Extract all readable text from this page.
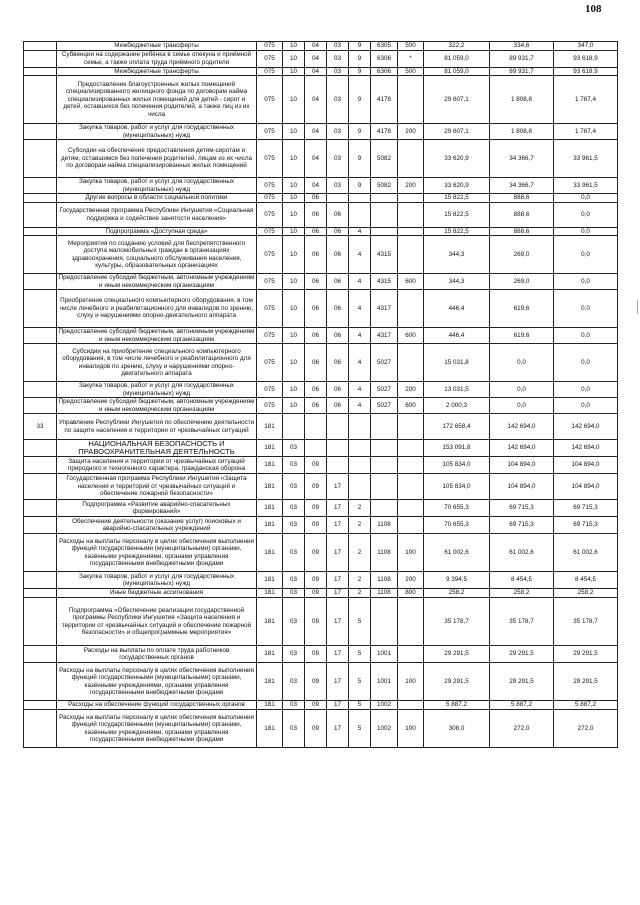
108
	Межбюджетные трансферты	075	10	04	03	9	6305	500	322,2	334,6	347,0
	Субвенции на содержание ребёнка в семье опекуна и приёмной семье, а также оплата труда приёмного родителя	075	10	04	03	9	6306	*	81 059,0	89 931,7	93 618,9
	Межбюджетные трансферты	075	10	04	03	9	6306	500	81 059,0	89 931,7	93 618,9
	Предоставление благоустроенных жилых помещений специализированного жилищного фонда по договорам найма специализированных жилых помещений для детей - сирот и детей, оставшихся без попечения родителей, а также лиц из их числа	075	10	04	03	9	4176		29 607,1	1 808,8	1 787,4
	Закупка товаров, работ и услуг для государственных (муниципальных) нужд	075	10	04	03	9	4176	200	29 607,1	1 808,8	1 787,4
	Субсидии на обеспечение предоставления детям-сиротам и детям, оставшимся без попечения родителей, лицам из их числа по договорам найма специализированных жилых помещений	075	10	04	03	9	5082		33 620,9	34 366,7	33 961,5
	Закупка товаров, работ и услуг для государственных (муниципальных) нужд	075	10	04	03	9	5082	200	33 620,9	34 366,7	33 961,5
	Другие вопросы в области социальной политики	075	10	06					15 822,5	888,6	0,0
	Государственная программа Республики Ингушетия «Социальная поддержка и содействие занятости населения»	075	10	06	06				15 822,5	888,6	0,0
	Подпрограмма «Доступная среда»	075	10	06	06	4			15 822,5	888,6	0,0
	Мероприятия по созданию условий для беспрепятственного доступа маломобильных граждан в организациях здравоохранения, социального обслуживания населения, культуры, образовательных организациях	075	10	06	06	4	4315		344,3	269,0	0,0
	Предоставление субсидий бюджетным, автономным учреждениям и иным некоммерческим организациям	075	10	06	06	4	4315	600	344,3	269,0	0,0
	Приобретение специального компьютерного оборудования, в том числе лечебного и реабилитационного для инвалидов по зрению, слуху и нарушениями опорно-двигательного аппарата	075	10	06	06	4	4317		446,4	619,6	0,0
	Предоставление субсидий бюджетным, автономным учреждениям и иным некоммерческим организациям	075	10	06	06	4	4317	600	446,4	619,6	0,0
	Субсидии на приобретение специального компьютерного оборудования, в том числе лечебного и реабилитационного для инвалидов по зрению, слуху и нарушениями опорно-двигательного аппарата	075	10	06	06	4	5027		15 031,8	0,0	0,0
	Закупка товаров, работ и услуг для государственных (муниципальных) нужд	075	10	06	06	4	5027	200	13 031,5	0,0	0,0
	Предоставление субсидий бюджетным, автономным учреждениям и иным некоммерческим организациям	075	10	06	06	4	5027	600	2 000,3	0,0	0,0
33	Управление Республики Ингушетия по обеспечению деятельности по защите населения и территории от чрезвычайных ситуаций	181							172 658,4	142 694,0	142 694,0
	НАЦИОНАЛЬНАЯ БЕЗОПАСНОСТЬ И ПРАВООХРАНИТЕЛЬНАЯ ДЕЯТЕЛЬНОСТЬ	181	03						153 091,8	142 694,0	142 694,0
	Защита населения и территории от чрезвычайных ситуаций природного и техногенного характера, гражданская оборона	181	03	09					105 834,0	104 894,0	104 894,0
	Государственная программа Республики Ингушетия «Защита населения и территорий от чрезвычайных ситуаций и обеспечение пожарной безопасности»	181	03	09	17				105 834,0	104 894,0	104 894,0
	Подпрограмма «Развитие аварийно-спасательных формирований»	181	03	09	17	2			70 655,3	69 715,3	69 715,3
	Обеспечение деятельности (оказание услуг) поисковых и аварийно-спасательных учреждений	181	03	09	17	2	1108		70 655,3	69 715,3	69 715,3
	Расходы на выплаты персоналу в целях обеспечения выполнения функций государственными (муниципальными) органами, казёнными учреждениями, органами управления государственными внебюджетными фондами	181	03	09	17	2	1108	100	61 002,6	61 002,6	61 002,6
	Закупка товаров, работ и услуг для государственных (муниципальных) нужд	181	03	09	17	2	1108	200	9 394,5	8 454,5	8 454,5
	Иные бюджетные ассигнования	181	03	09	17	2	1108	800	258,2	258,2	258,2
	Подпрограмма «Обеспечение реализации государственной программы Республики Ингушетия «Защита населения и территории от чрезвычайных ситуаций и обеспечение пожарной безопасности» и общепрограммные мероприятия»	181	03	09	17	5			35 178,7	35 178,7	35 178,7
	Расходы на выплаты по оплате труда работников государственных органов	181	03	09	17	5	1001		29 291,5	29 291,5	29 291,5
	Расходы на выплаты персоналу в целях обеспечения выполнения функций государственными (муниципальными) органами, казёнными учреждениями, органами управления государственными внебюджетными фондами	181	03	09	17	5	1001	100	29 291,5	29 291,5	29 291,5
	Расходы на обеспечение функций государственных органов	181	03	09	17	5	1002		5 887,2	5 887,2	5 887,2
	Расходы на выплаты персоналу в целях обеспечения выполнения функций государственными (муниципальными) органами, казёнными учреждениями, органами управления государственными внебюджетными фондами	181	03	09	17	5	1002	100	308,0	272,0	272,0
